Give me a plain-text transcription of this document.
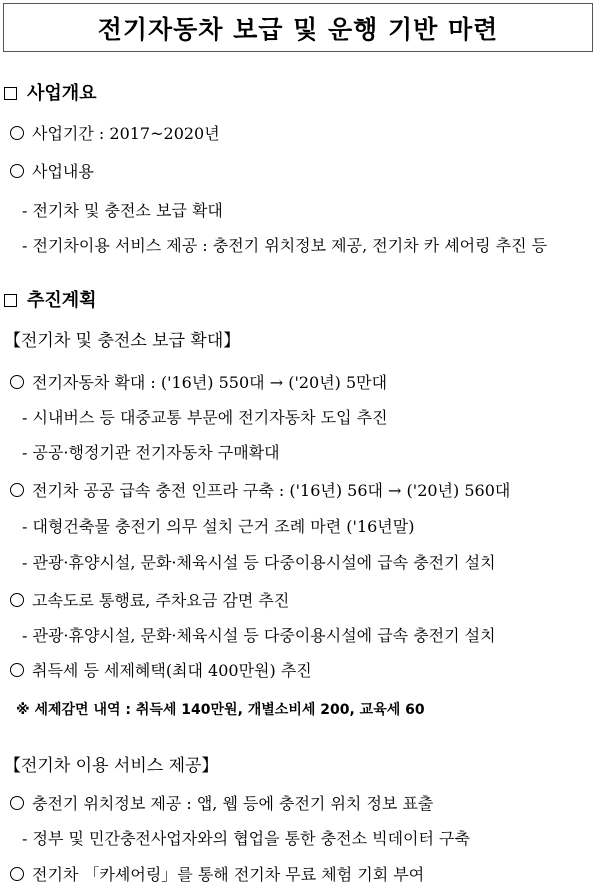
전기자동차 보급 및 운행 기반 마련
사업개요
사업기간 : 2017~2020년
사업내용
- 전기차 및 충전소 보급 확대
- 전기차이용 서비스 제공 : 충전기 위치정보 제공, 전기차 카 셰어링 추진 등
추진계획
【전기차 및 충전소 보급 확대】
전기자동차 확대 : ('16년) 550대 → ('20년) 5만대
- 시내버스 등 대중교통 부문에 전기자동차 도입 추진
- 공공·행정기관 전기자동차 구매확대
전기차 공공 급속 충전 인프라 구축 : ('16년) 56대 → ('20년) 560대
- 대형건축물 충전기 의무 설치 근거 조례 마련 ('16년말)
- 관광·휴양시설, 문화·체육시설 등 다중이용시설에 급속 충전기 설치
고속도로 통행료, 주차요금 감면 추진
- 관광·휴양시설, 문화·체육시설 등 다중이용시설에 급속 충전기 설치
취득세 등 세제혜택(최대 400만원) 추진
※ 세제감면 내역 : 취득세 140만원, 개별소비세 200, 교육세 60
【전기차 이용 서비스 제공】
충전기 위치정보 제공 : 앱, 웹 등에 충전기 위치 정보 표출
- 정부 및 민간충전사업자와의 협업을 통한 충전소 빅데이터 구축
전기차 「카셰어링」를 통해 전기차 무료 체험 기회 부여
